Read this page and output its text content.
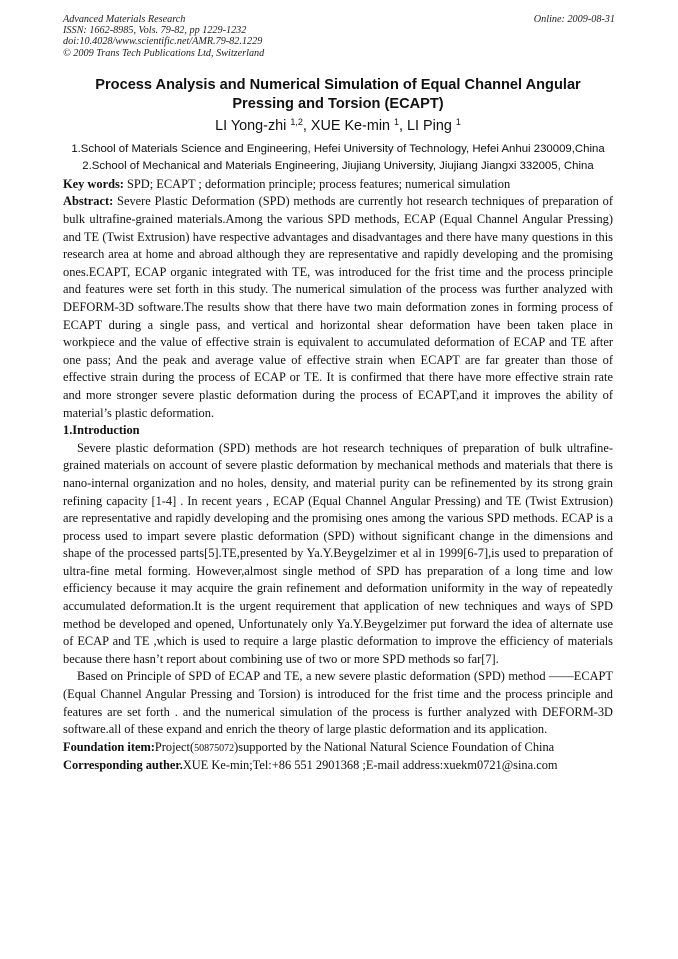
Advanced Materials Research
ISSN: 1662-8985, Vols. 79-82, pp 1229-1232
doi:10.4028/www.scientific.net/AMR.79-82.1229
© 2009 Trans Tech Publications Ltd, Switzerland
Online: 2009-08-31
Process Analysis and Numerical Simulation of Equal Channel Angular Pressing and Torsion (ECAPT)
LI Yong-zhi $^{1,2}$, XUE Ke-min $^1$, LI Ping $^1$
1.School of Materials Science and Engineering, Hefei University of Technology, Hefei Anhui 230009,China
2.School of Mechanical and Materials Engineering, Jiujiang University, Jiujiang Jiangxi 332005, China

Key words: SPD; ECAPT ; deformation principle; process features; numerical simulation

Abstract: Severe Plastic Deformation (SPD) methods are currently hot research techniques of preparation of bulk ultrafine-grained materials.Among the various SPD methods, ECAP (Equal Channel Angular Pressing) and TE (Twist Extrusion) have respective advantages and disadvantages and there have many questions in this research area at home and abroad although they are representative and rapidly developing and the promising ones.ECAPT, ECAP organic integrated with TE, was introduced for the frist time and the process principle and features were set forth in this study. The numerical simulation of the process was further analyzed with DEFORM-3D software.The results show that there have two main deformation zones in forming process of ECAPT during a single pass, and vertical and horizontal shear deformation have been taken place in workpiece and the value of effective strain is equivalent to accumulated deformation of ECAP and TE after one pass; And the peak and average value of effective strain when ECAPT are far greater than those of effective strain during the process of ECAP or TE. It is confirmed that there have more effective strain rate and more stronger severe plastic deformation during the process of ECAPT,and it improves the ability of material’s plastic deformation.

1.Introduction

Severe plastic deformation (SPD) methods are hot research techniques of preparation of bulk ultrafine-grained materials on account of severe plastic deformation by mechanical methods and materials that there is nano-internal organization and no holes, density, and material purity can be refinemented by its strong grain refining capacity [1-4] . In recent years , ECAP (Equal Channel Angular Pressing) and TE (Twist Extrusion) are representative and rapidly developing and the promising ones among the various SPD methods. ECAP is a process used to impart severe plastic deformation (SPD) without significant change in the dimensions and shape of the processed parts[5].TE,presented by Ya.Y.Beygelzimer et al in 1999[6-7],is used to preparation of ultra-fine metal forming. However,almost single method of SPD has preparation of a long time and low efficiency because it may acquire the grain refinement and deformation uniformity in the way of repeatedly accumulated deformation.It is the urgent requirement that application of new techniques and ways of SPD method be developed and opened, Unfortunately only Ya.Y.Beygelzimer put forward the idea of alternate use of ECAP and TE ,which is used to require a large plastic deformation to improve the efficiency of materials because there hasn’t report about combining use of two or more SPD methods so far[7].

Based on Principle of SPD of ECAP and TE, a new severe plastic deformation (SPD) method ——ECAPT (Equal Channel Angular Pressing and Torsion) is introduced for the frist time and the process principle and features are set forth . and the numerical simulation of the process is further analyzed with DEFORM-3D software.all of these expand and enrich the theory of large plastic deformation and its application.

Foundation item:Project(50875072)supported by the National Natural Science Foundation of China

Corresponding auther.XUE Ke-min;Tel:+86 551 2901368 ;E-mail address:xuekm0721@sina.com
